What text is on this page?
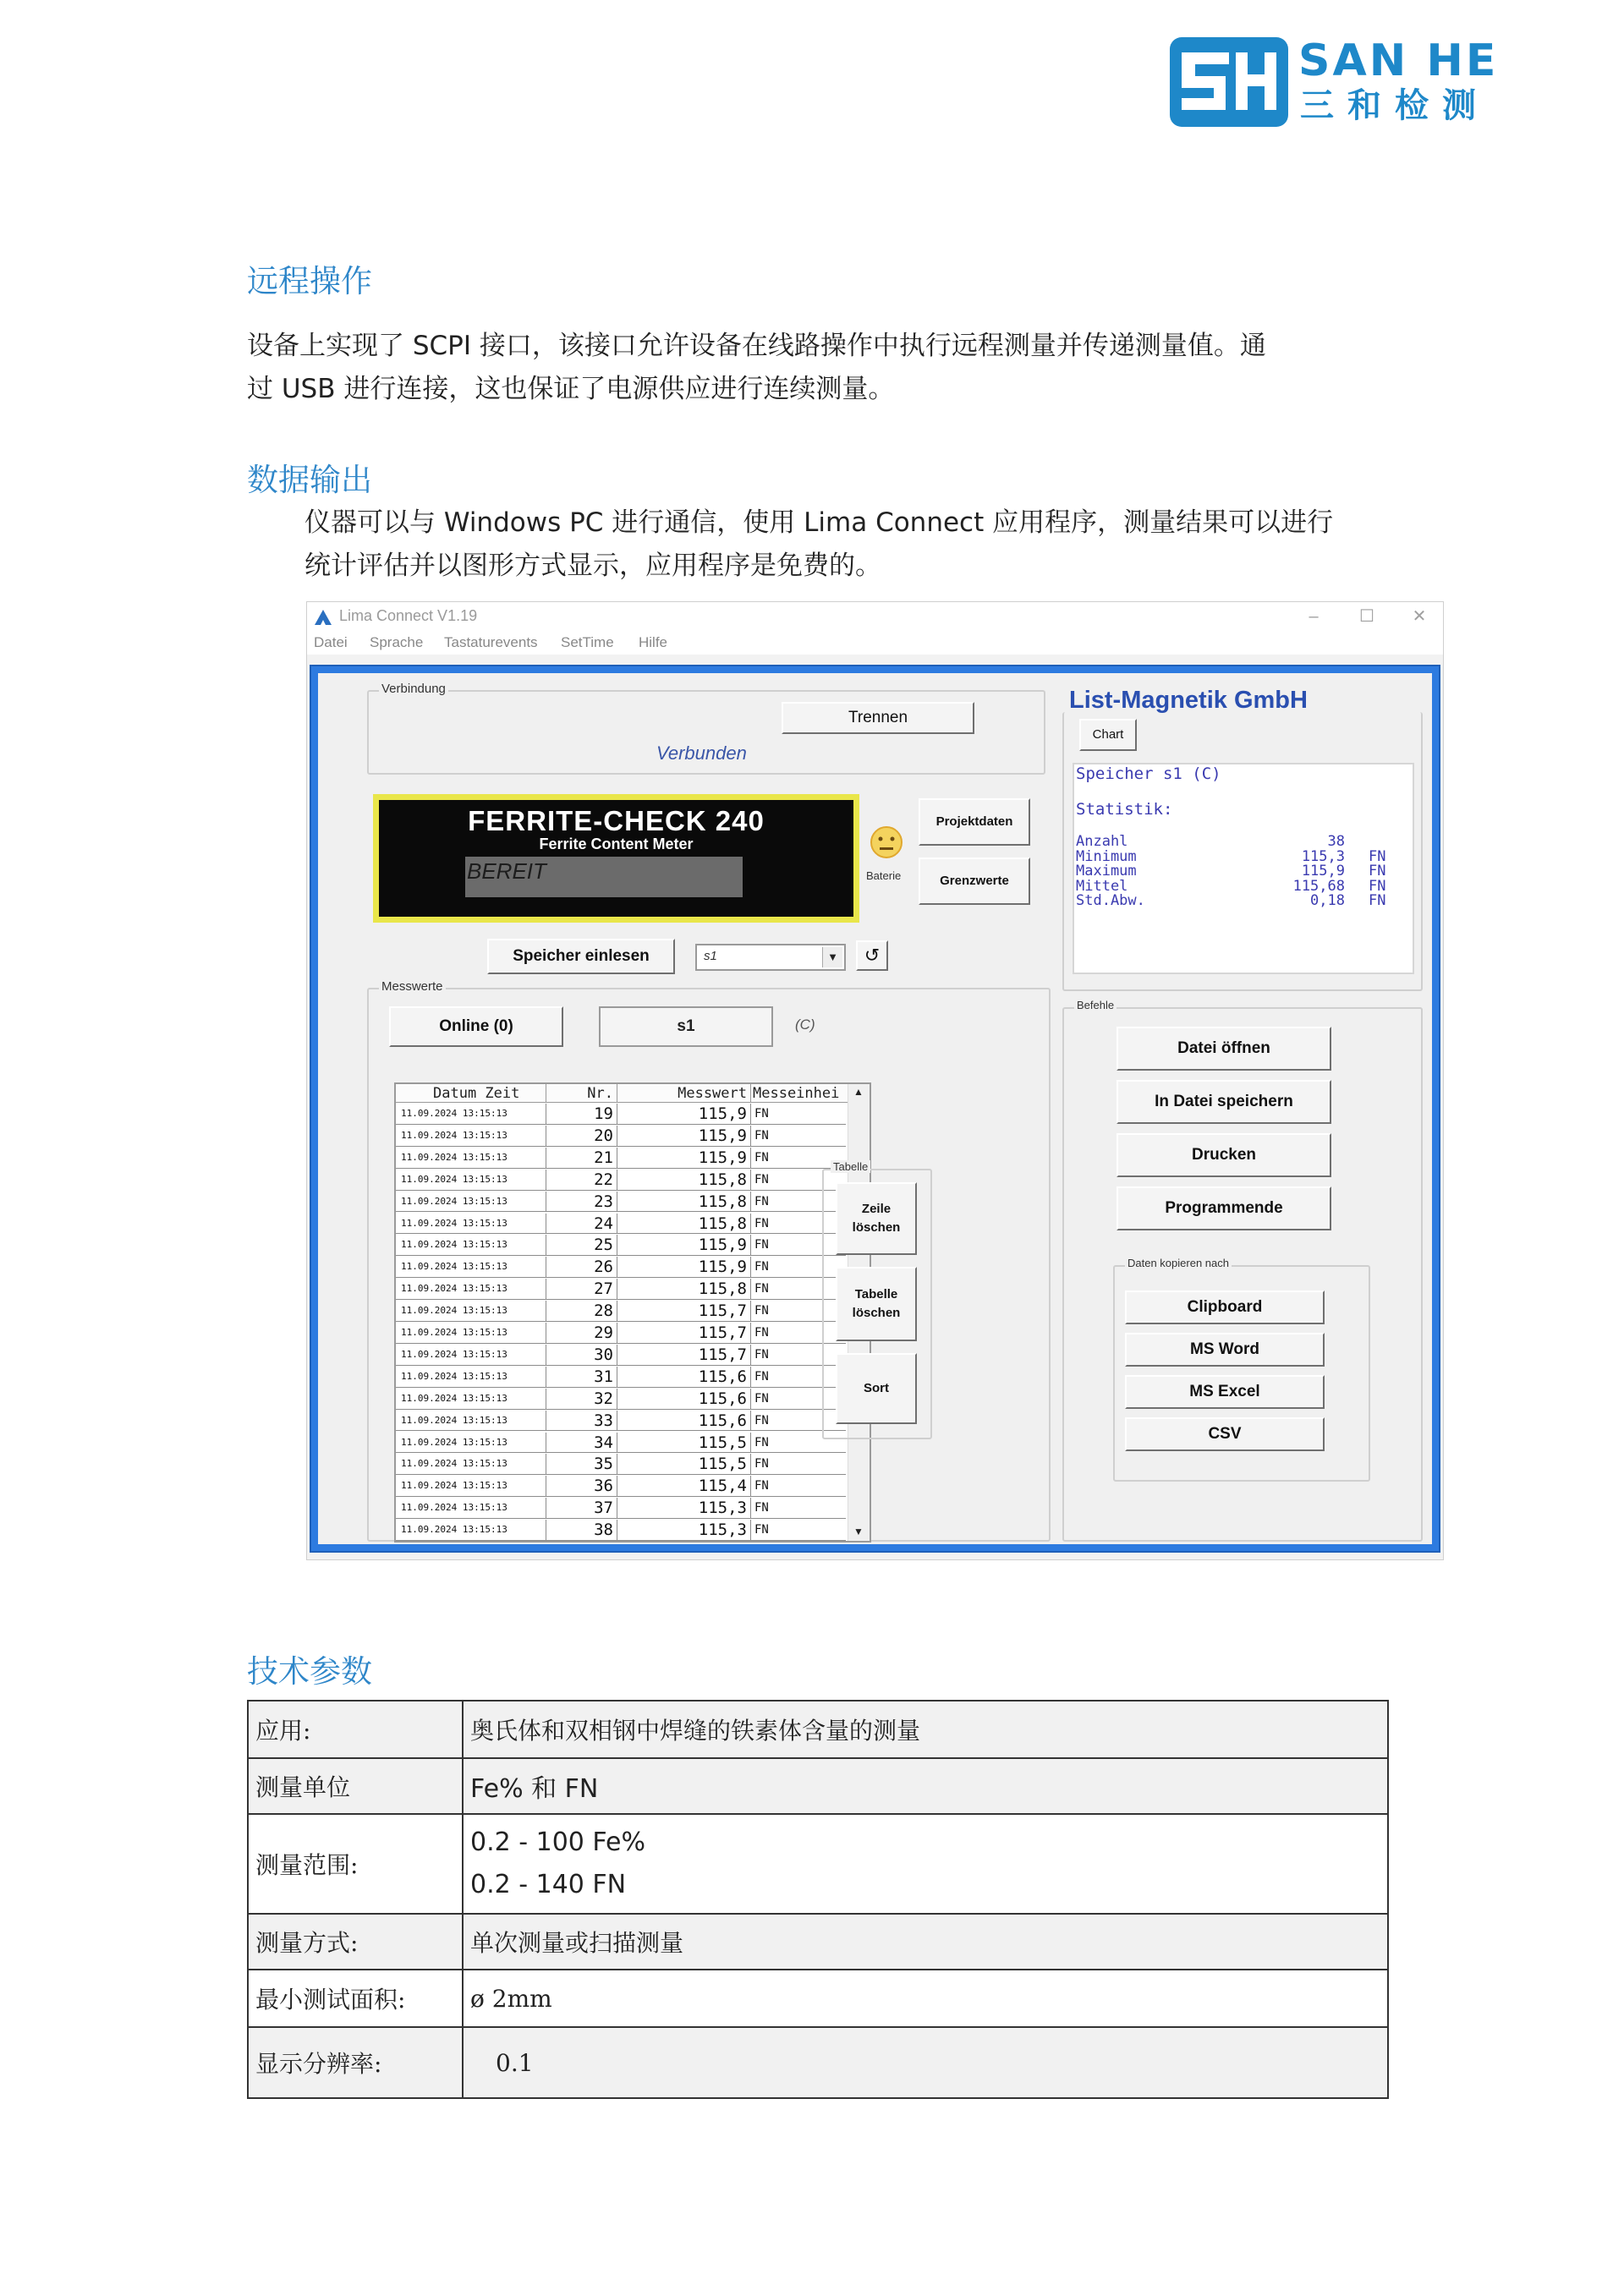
SAN HE
三和检测
远程操作
设备上实现了 SCPI 接口，该接口允许设备在线路操作中执行远程测量并传递测量值。通
过 USB 进行连接，这也保证了电源供应进行连续测量。
数据输出
仪器可以与 Windows PC 进行通信，使用 Lima Connect 应用程序，测量结果可以进行
统计评估并以图形方式显示，应用程序是免费的。
Lima Connect V1.19	–	☐	✕
Datei Sprache Tastaturevents SetTime Hilfe
Verbindung
Trennen
Verbunden
FERRITE-CHECK 240
Ferrite Content Meter
BEREIT	Baterie
Projektdaten
Grenzwerte
Speicher einlesen	s1	▼ ↺
Messwerte
Online (0)	s1	(C)
Datum Zeit	Nr.	Messwert Messeinhei
11.09.2024 13:15:13	19	115,9 FN
11.09.2024 13:15:13	20	115,9 FN
11.09.2024 13:15:13	21	115,9 FN
11.09.2024 13:15:13	22	115,8 FN
11.09.2024 13:15:13	23	115,8 FN
11.09.2024 13:15:13	24	115,8 FN
11.09.2024 13:15:13	25	115,9 FN
11.09.2024 13:15:13	26	115,9 FN
11.09.2024 13:15:13	27	115,8 FN
11.09.2024 13:15:13	28	115,7 FN
11.09.2024 13:15:13	29	115,7 FN
11.09.2024 13:15:13	30	115,7 FN
11.09.2024 13:15:13	31	115,6 FN
11.09.2024 13:15:13	32	115,6 FN
11.09.2024 13:15:13	33	115,6 FN
11.09.2024 13:15:13	34	115,5 FN
11.09.2024 13:15:13	35	115,5 FN
11.09.2024 13:15:13	36	115,4 FN
11.09.2024 13:15:13	37	115,3 FN
11.09.2024 13:15:13	38	115,3 FN
▲
▼
Tabelle
Zeile
löschen
Tabelle
löschen
Sort
List-Magnetik GmbH
Chart
Speicher s1 (C)
Statistik:
Anzahl	38
Minimum	115,3 FN
Maximum	115,9 FN
Mittel	115,68 FN
Std.Abw.	0,18 FN
Befehle
Datei öffnen
In Datei speichern
Drucken
Programmende
Daten kopieren nach
Clipboard
MS Word
MS Excel
CSV
技术参数
应用:	奥氏体和双相钢中焊缝的铁素体含量的测量
测量单位	Fe% 和 FN
测量范围:	0.2 - 100 Fe%
0.2 - 140 FN

测量方式:	单次测量或扫描测量
最小测试面积:	ø 2mm
显示分辨率:	0.1
